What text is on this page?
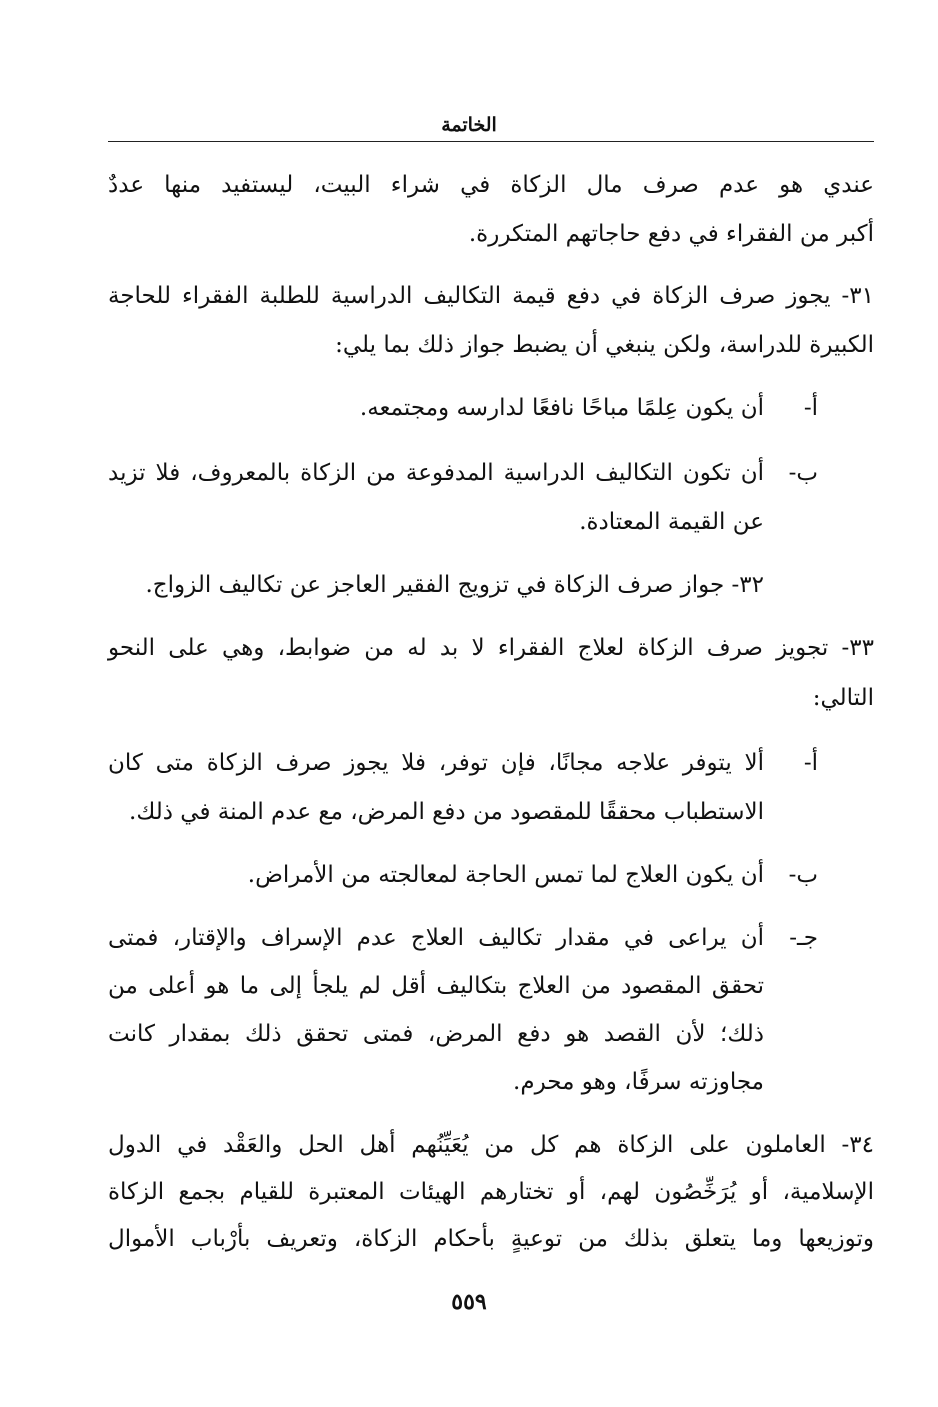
الخاتمة
عندي هو عدم صرف مال الزكاة في شراء البيت، ليستفيد منها عددٌ
أكبر من الفقراء في دفع حاجاتهم المتكررة.
٣١- يجوز صرف الزكاة في دفع قيمة التكاليف الدراسية للطلبة الفقراء للحاجة
الكبيرة للدراسة، ولكن ينبغي أن يضبط جواز ذلك بما يلي:
أ-
أن يكون عِلمًا مباحًا نافعًا لدارسه ومجتمعه.
ب-
أن تكون التكاليف الدراسية المدفوعة من الزكاة بالمعروف، فلا تزيد
عن القيمة المعتادة.
٣٢- جواز صرف الزكاة في تزويج الفقير العاجز عن تكاليف الزواج.
٣٣- تجويز صرف الزكاة لعلاج الفقراء لا بد له من ضوابط، وهي على النحو
التالي:
أ-
ألا يتوفر علاجه مجانًا، فإن توفر، فلا يجوز صرف الزكاة متى كان
الاستطباب محققًا للمقصود من دفع المرض، مع عدم المنة في ذلك.
ب-
أن يكون العلاج لما تمس الحاجة لمعالجته من الأمراض.
جـ-
أن يراعى في مقدار تكاليف العلاج عدم الإسراف والإقتار، فمتى
تحقق المقصود من العلاج بتكاليف أقل لم يلجأ إلى ما هو أعلى من
ذلك؛ لأن القصد هو دفع المرض، فمتى تحقق ذلك بمقدار كانت
مجاوزته سرفًا، وهو محرم.
٣٤- العاملون على الزكاة هم كل من يُعَيِّنُهم أهل الحل والعَقْد في الدول
الإسلامية، أو يُرَخِّصُون لهم، أو تختارهم الهيئات المعتبرة للقيام بجمع الزكاة
وتوزيعها وما يتعلق بذلك من توعيةٍ بأحكام الزكاة، وتعريف بأرْباب الأموال
٥٥٩
